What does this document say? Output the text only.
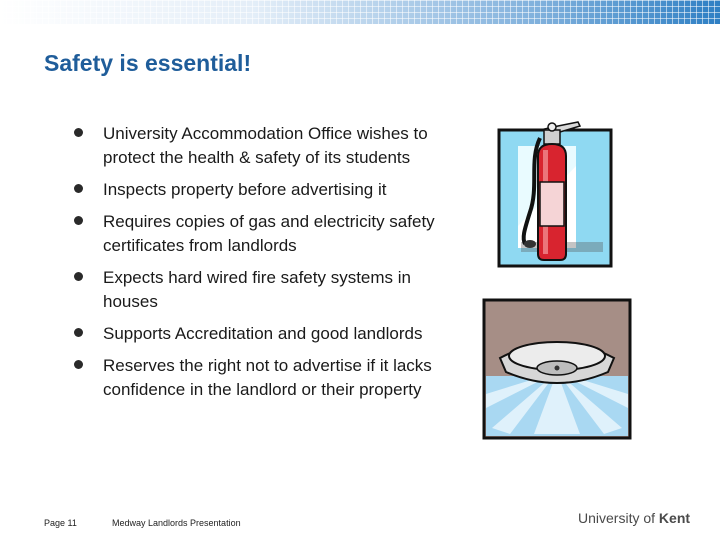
Safety is essential!
University Accommodation Office wishes to protect the health & safety of its students
Inspects property before advertising it
Requires copies of gas and electricity safety certificates from landlords
Expects hard wired fire safety systems in houses
Supports Accreditation and good landlords
Reserves the right not to advertise if it lacks confidence in the landlord or their property
Page 11	Medway Landlords Presentation	University of Kent
